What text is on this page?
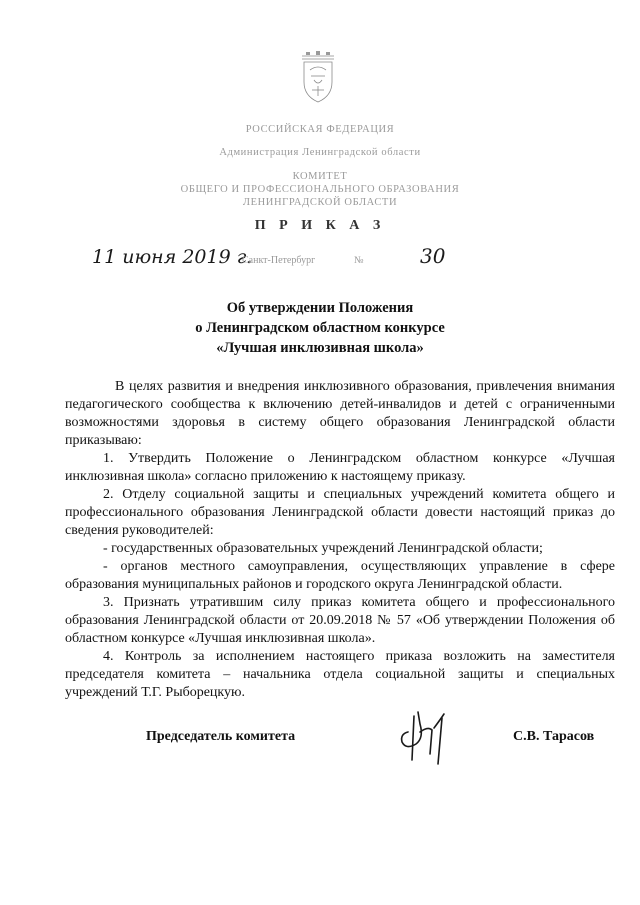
РОССИЙСКАЯ ФЕДЕРАЦИЯ
Администрация Ленинградской области
КОМИТЕТ
ОБЩЕГО И ПРОФЕССИОНАЛЬНОГО ОБРАЗОВАНИЯ
ЛЕНИНГРАДСКОЙ ОБЛАСТИ
П Р И К А З
11 июня 2019 г.
Санкт-Петербург	№	30
Об утверждении Положения
о Ленинградском областном конкурсе
«Лучшая инклюзивная школа»

В целях развития и внедрения инклюзивного образования, привлечения внимания педагогического сообщества к включению детей-инвалидов и детей с ограниченными возможностями здоровья в систему общего образования Ленинградской области приказываю:

1. Утвердить Положение о Ленинградском областном конкурсе «Лучшая инклюзивная школа» согласно приложению к настоящему приказу.

2. Отделу социальной защиты и специальных учреждений комитета общего и профессионального образования Ленинградской области довести настоящий приказ до сведения руководителей:

- государственных образовательных учреждений Ленинградской области;

- органов местного самоуправления, осуществляющих управление в сфере образования муниципальных районов и городского округа Ленинградской области.

3. Признать утратившим силу приказ комитета общего и профессионального образования Ленинградской области от 20.09.2018 № 57 «Об утверждении Положения об областном конкурсе «Лучшая инклюзивная школа».

4. Контроль за исполнением настоящего приказа возложить на заместителя председателя комитета – начальника отдела социальной защиты и специальных учреждений Т.Г. Рыборецкую.

Председатель комитета	С.В. Тарасов
